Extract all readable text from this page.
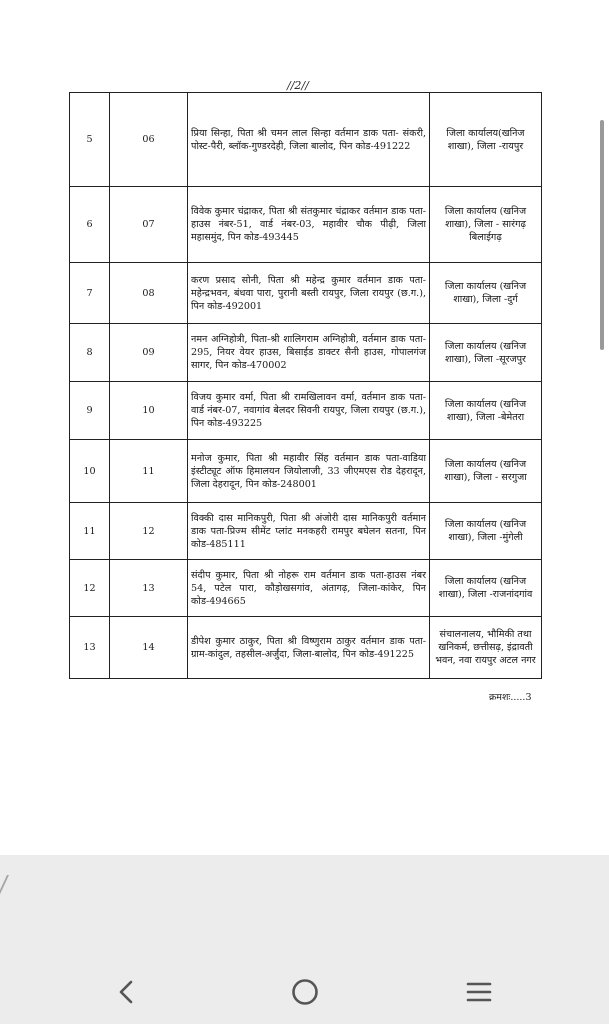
//2//
5	06	प्रिया सिन्हा, पिता श्री चमन लाल सिन्हा वर्तमान डाक पता- संकरी, पोस्ट-पैरी, ब्लॉक-गुण्डरदेही, जिला बालोद, पिन कोड-491222	जिला कार्यालय(खनिज शाखा), जिला -रायपुर
6	07	विवेक कुमार चंद्राकर, पिता श्री संतकुमार चंद्राकर वर्तमान डाक पता-हाउस नंबर-51, वार्ड नंबर-03, महावीर चौक पीढ़ी, जिला महासमुंद, पिन कोड-493445	जिला कार्यालय (खनिज शाखा), जिला - सारंगढ़ बिलाईगढ़
7	08	करण प्रसाद सोनी, पिता श्री महेन्द्र कुमार वर्तमान डाक पता- महेन्द्रभवन, बंधवा पारा, पुरानी बस्ती रायपुर, जिला रायपुर (छ.ग.), पिन कोड-492001	जिला कार्यालय (खनिज शाखा), जिला -दुर्ग
8	09	नमन अग्निहोत्री, पिता-श्री शालिगराम अग्निहोत्री, वर्तमान डाक पता- 295, नियर वेयर हाउस, बिसाईड डाक्टर सैनी हाउस, गोपालगंज सागर, पिन कोड-470002	जिला कार्यालय (खनिज शाखा), जिला -सूरजपुर
9	10	विजय कुमार वर्मा, पिता श्री रामखिलावन वर्मा, वर्तमान डाक पता-वार्ड नंबर-07, नवागांव बेलदर सिवनी रायपुर, जिला रायपुर (छ.ग.), पिन कोड-493225	जिला कार्यालय (खनिज शाखा), जिला -बेमेतरा
10	11	मनोज कुमार, पिता श्री महावीर सिंह वर्तमान डाक पता-वाडिया इंस्टीट्यूट ऑफ हिमालयन जियोलाजी, 33 जीएमएस रोड देहरादून, जिला देहरादून, पिन कोड-248001	जिला कार्यालय (खनिज शाखा), जिला - सरगुजा
11	12	विक्की दास मानिकपुरी, पिता श्री अंजोरी दास मानिकपुरी वर्तमान डाक पता-प्रिज्म सीमेंट प्लांट मनकहरी रामपुर बघेलन सतना, पिन कोड-485111	जिला कार्यालय (खनिज शाखा), जिला -मुंगेली
12	13	संदीप कुमार, पिता श्री नोहरू राम वर्तमान डाक पता-हाउस नंबर 54, पटेल पारा, कौड़ोखसगांव, अंतागढ़, जिला-कांकेर, पिन कोड-494665	जिला कार्यालय (खनिज शाखा), जिला -राजनांदगांव
13	14	डीपेश कुमार ठाकुर, पिता श्री विष्णुराम ठाकुर वर्तमान डाक पता-ग्राम-कांदुल, तहसील-अर्जुंदा, जिला-बालोद, पिन कोड-491225	संचालनालय, भौमिकी तथा खनिकर्म, छत्तीसढ़, इंद्रावती भवन, नवा रायपुर अटल नगर
क्रमशः.....3
